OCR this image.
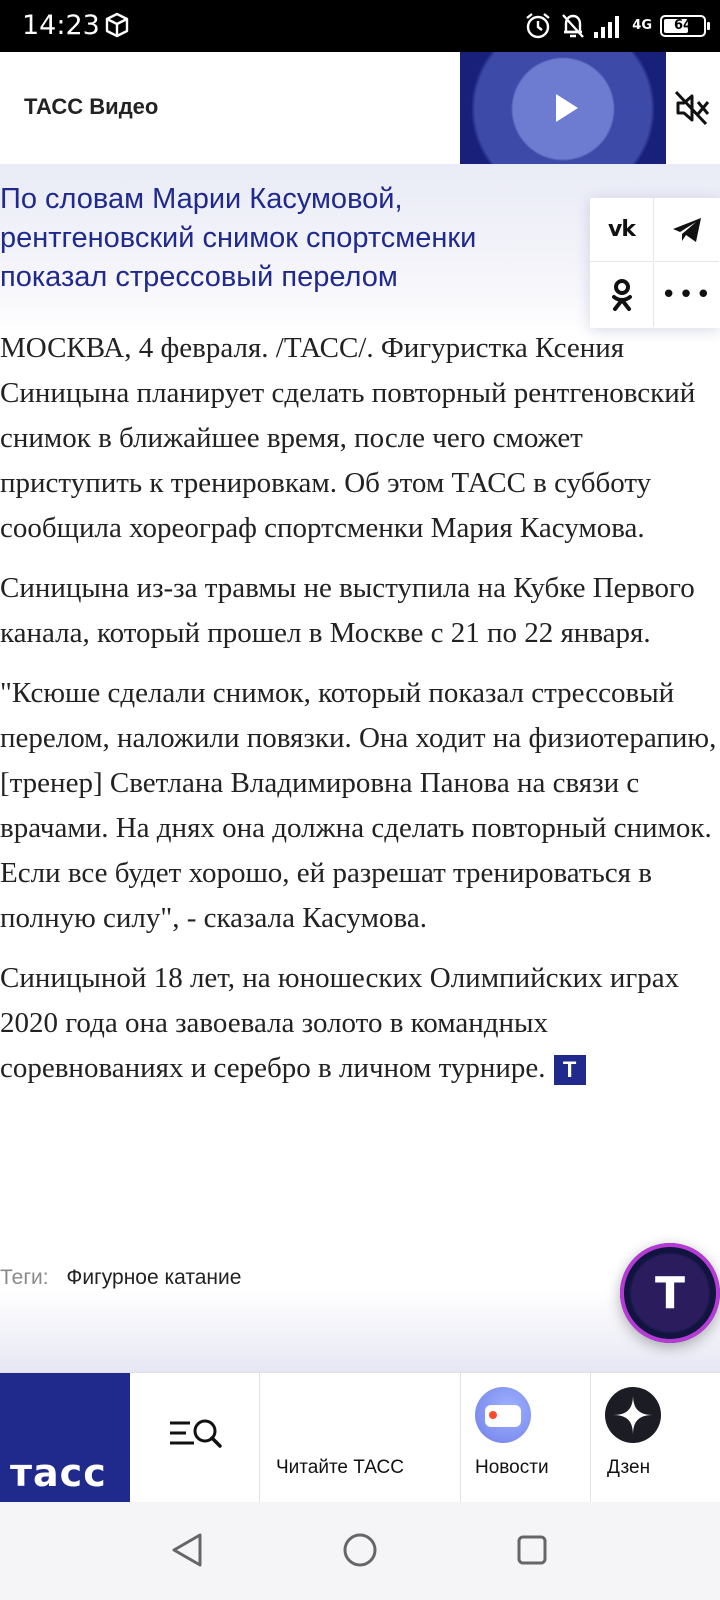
14:23	4G	64
ТАСС Видео
По словам Марии Касумовой, рентгеновский снимок спортсменки показал стрессовый перелом
vk
•••

МОСКВА, 4 февраля. /ТАСС/. Фигуристка Ксения Синицына планирует сделать повторный рентгеновский снимок в ближайшее время, после чего сможет приступить к тренировкам. Об этом ТАСС в субботу сообщила хореограф спортсменки Мария Касумова.

Синицына из-за травмы не выступила на Кубке Первого канала, который прошел в Москве с 21 по 22 января.

"Ксюше сделали снимок, который показал стрессовый перелом, наложили повязки. Она ходит на физиотерапию, [тренер] Светлана Владимировна Панова на связи с врачами. На днях она должна сделать повторный снимок. Если все будет хорошо, ей разрешат тренироваться в полную силу", - сказала Касумова.

Синицыной 18 лет, на юношеских Олимпийских играх 2020 года она завоевала золото в командных соревнованиях и серебро в личном турнире. Т

Теги: Фигурное катание	Т
тасс	Читайте ТАСС	Новости	Дзен
